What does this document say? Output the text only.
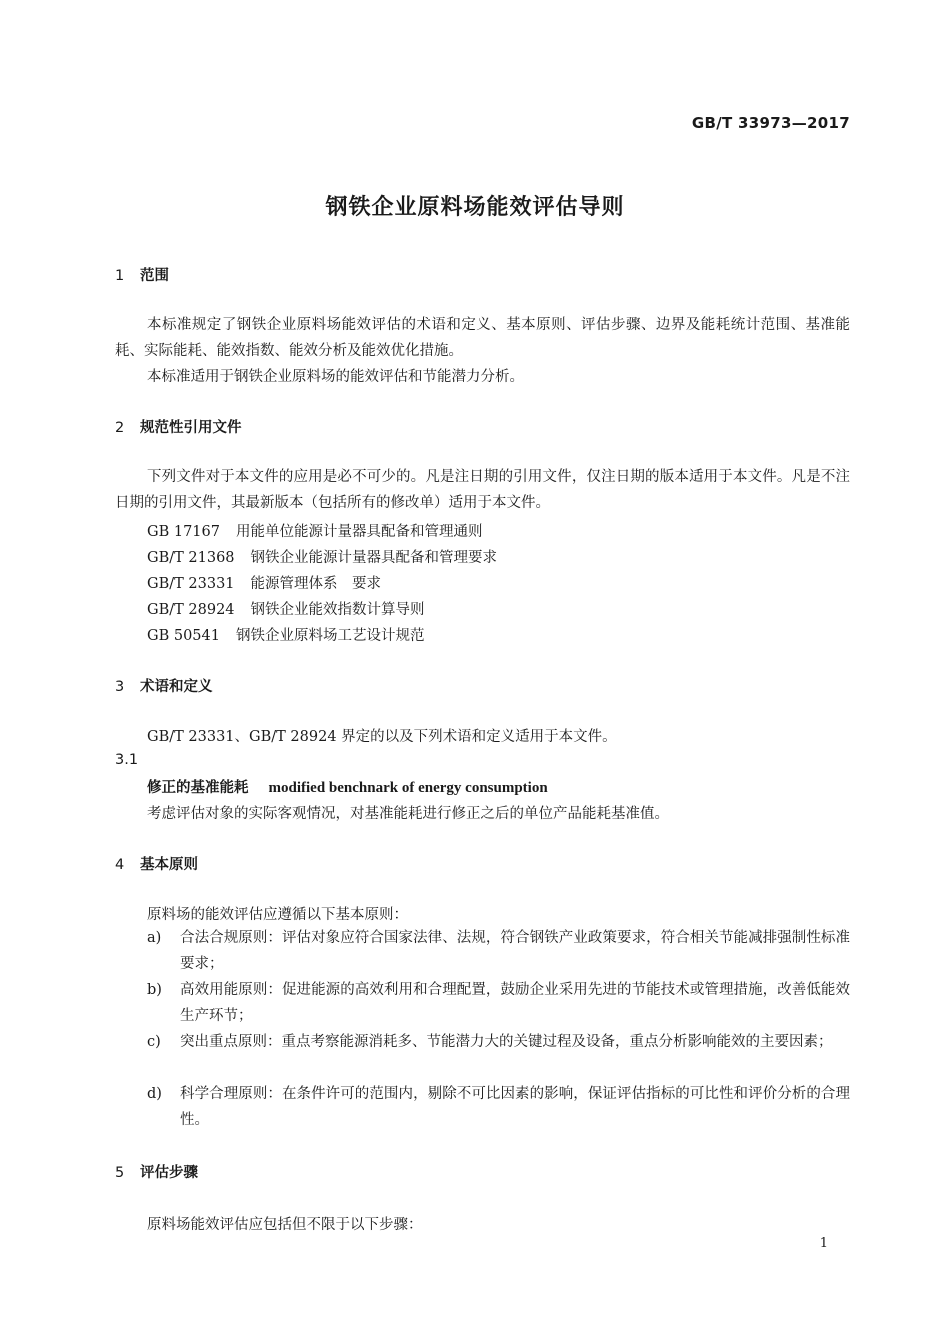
GB/T 33973—2017
钢铁企业原料场能效评估导则
1 范围

本标准规定了钢铁企业原料场能效评估的术语和定义、基本原则、评估步骤、边界及能耗统计范围、基准能耗、实际能耗、能效指数、能效分析及能效优化措施。

本标准适用于钢铁企业原料场的能效评估和节能潜力分析。

2 规范性引用文件

下列文件对于本文件的应用是必不可少的。凡是注日期的引用文件，仅注日期的版本适用于本文件。凡是不注日期的引用文件，其最新版本（包括所有的修改单）适用于本文件。

GB 17167 用能单位能源计量器具配备和管理通则
GB/T 21368 钢铁企业能源计量器具配备和管理要求
GB/T 23331 能源管理体系　要求
GB/T 28924 钢铁企业能效指数计算导则
GB 50541 钢铁企业原料场工艺设计规范
3 术语和定义
GB/T 23331、GB/T 28924 界定的以及下列术语和定义适用于本文件。
3.1
修正的基准能耗 modified benchnark of energy consumption
考虑评估对象的实际客观情况，对基准能耗进行修正之后的单位产品能耗基准值。
4 基本原则
原料场的能效评估应遵循以下基本原则：
a) 合法合规原则：评估对象应符合国家法律、法规，符合钢铁产业政策要求，符合相关节能减排强制性标准要求；
b) 高效用能原则：促进能源的高效利用和合理配置，鼓励企业采用先进的节能技术或管理措施，改善低能效生产环节；
c) 突出重点原则：重点考察能源消耗多、节能潜力大的关键过程及设备，重点分析影响能效的主要因素；
d) 科学合理原则：在条件许可的范围内，剔除不可比因素的影响，保证评估指标的可比性和评价分析的合理性。
5 评估步骤
原料场能效评估应包括但不限于以下步骤：
1
